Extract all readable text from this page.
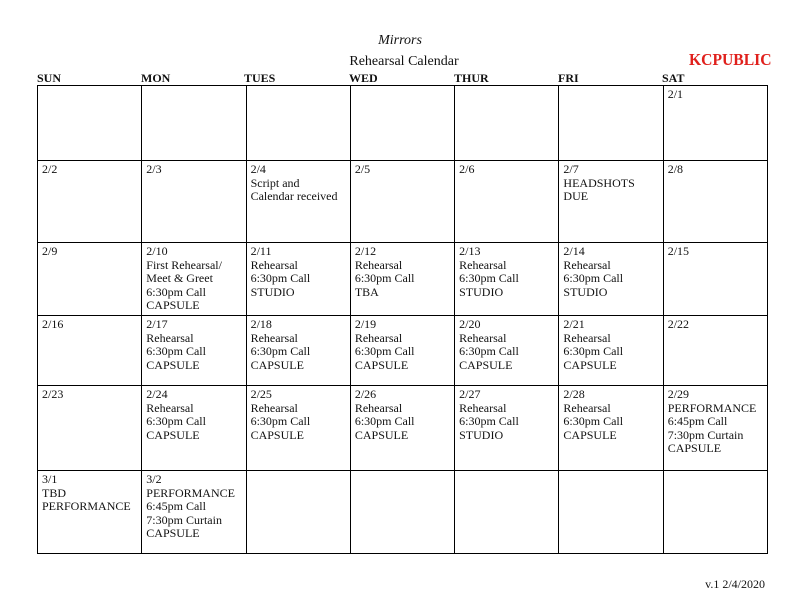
Mirrors
Rehearsal Calendar	KCPUBLIC
SUN	MON	TUES	WED	THUR	FRI	SAT

						2/1

2/2	2/3	2/4
Script and
Calendar received	2/5	2/6	2/7
HEADSHOTS
DUE	2/8

2/9	2/10
First Rehearsal/
Meet & Greet
6:30pm Call
CAPSULE	2/11
Rehearsal
6:30pm Call
STUDIO	2/12
Rehearsal
6:30pm Call
TBA	2/13
Rehearsal
6:30pm Call
STUDIO	2/14
Rehearsal
6:30pm Call
STUDIO	2/15

2/16	2/17
Rehearsal
6:30pm Call
CAPSULE	2/18
Rehearsal
6:30pm Call
CAPSULE	2/19
Rehearsal
6:30pm Call
CAPSULE	2/20
Rehearsal
6:30pm Call
CAPSULE	2/21
Rehearsal
6:30pm Call
CAPSULE	2/22

2/23	2/24
Rehearsal
6:30pm Call
CAPSULE	2/25
Rehearsal
6:30pm Call
CAPSULE	2/26
Rehearsal
6:30pm Call
CAPSULE	2/27
Rehearsal
6:30pm Call
STUDIO	2/28
Rehearsal
6:30pm Call
CAPSULE	2/29
PERFORMANCE
6:45pm Call
7:30pm Curtain
CAPSULE

3/1
TBD
PERFORMANCE	3/2
PERFORMANCE
6:45pm Call
7:30pm Curtain
CAPSULE					

v.1 2/4/2020
